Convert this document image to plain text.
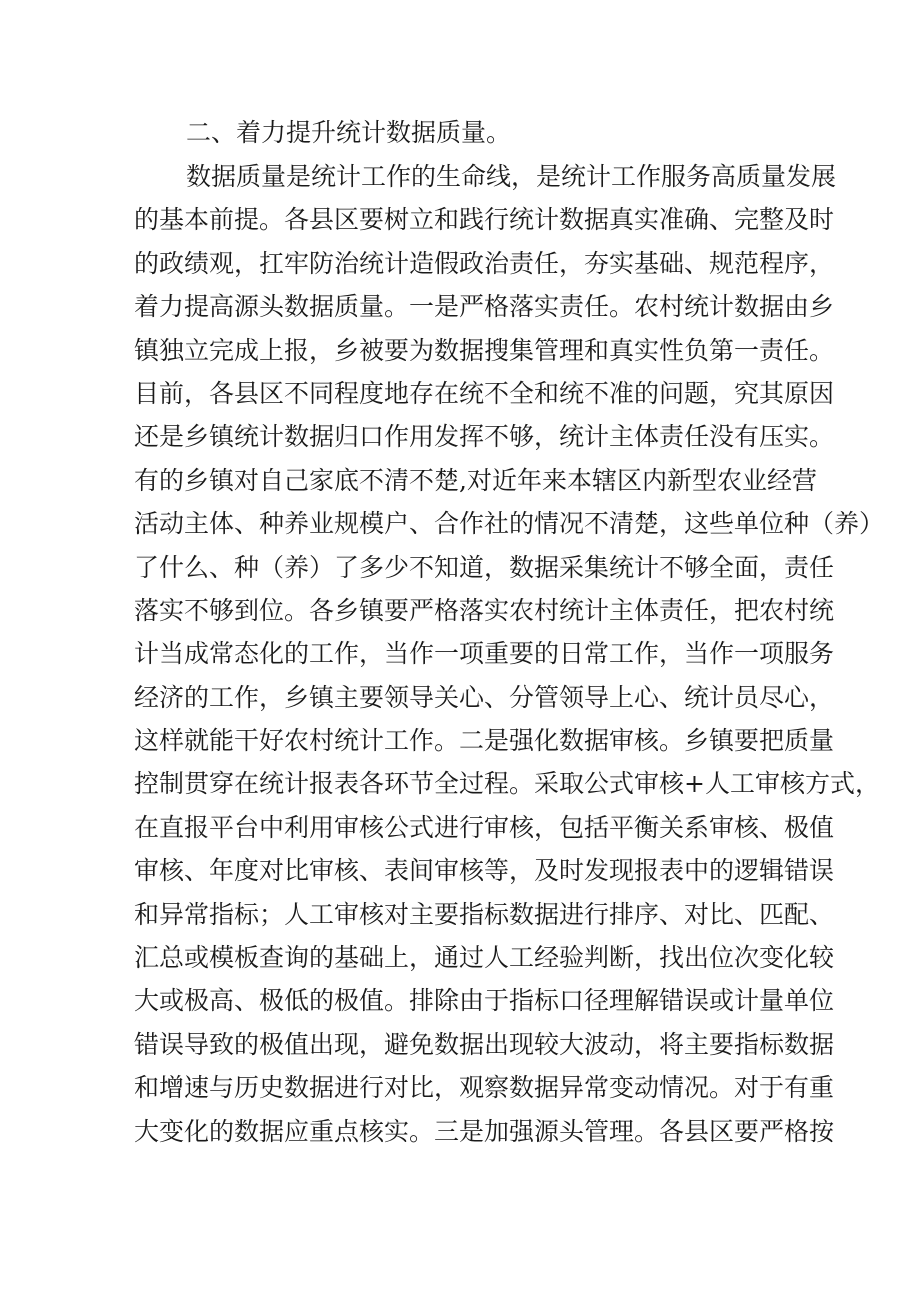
二、着力提升统计数据质量。
数据质量是统计工作的生命线，是统计工作服务高质量发展
的基本前提。各县区要树立和践行统计数据真实准确、完整及时
的政绩观，扛牢防治统计造假政治责任，夯实基础、规范程序，
着力提高源头数据质量。一是严格落实责任。农村统计数据由乡
镇独立完成上报，乡被要为数据搜集管理和真实性负第一责任。
目前，各县区不同程度地存在统不全和统不准的问题，究其原因
还是乡镇统计数据归口作用发挥不够，统计主体责任没有压实。
有的乡镇对自己家底不清不楚,对近年来本辖区内新型农业经营
活动主体、种养业规模户、合作社的情况不清楚，这些单位种（养）
了什么、种（养）了多少不知道，数据采集统计不够全面，责任
落实不够到位。各乡镇要严格落实农村统计主体责任，把农村统
计当成常态化的工作，当作一项重要的日常工作，当作一项服务
经济的工作，乡镇主要领导关心、分管领导上心、统计员尽心，
这样就能干好农村统计工作。二是强化数据审核。乡镇要把质量
控制贯穿在统计报表各环节全过程。采取公式审核+人工审核方式，
在直报平台中利用审核公式进行审核，包括平衡关系审核、极值
审核、年度对比审核、表间审核等，及时发现报表中的逻辑错误
和异常指标；人工审核对主要指标数据进行排序、对比、匹配、
汇总或模板查询的基础上，通过人工经验判断，找出位次变化较
大或极高、极低的极值。排除由于指标口径理解错误或计量单位
错误导致的极值出现，避免数据出现较大波动，将主要指标数据
和增速与历史数据进行对比，观察数据异常变动情况。对于有重
大变化的数据应重点核实。三是加强源头管理。各县区要严格按
